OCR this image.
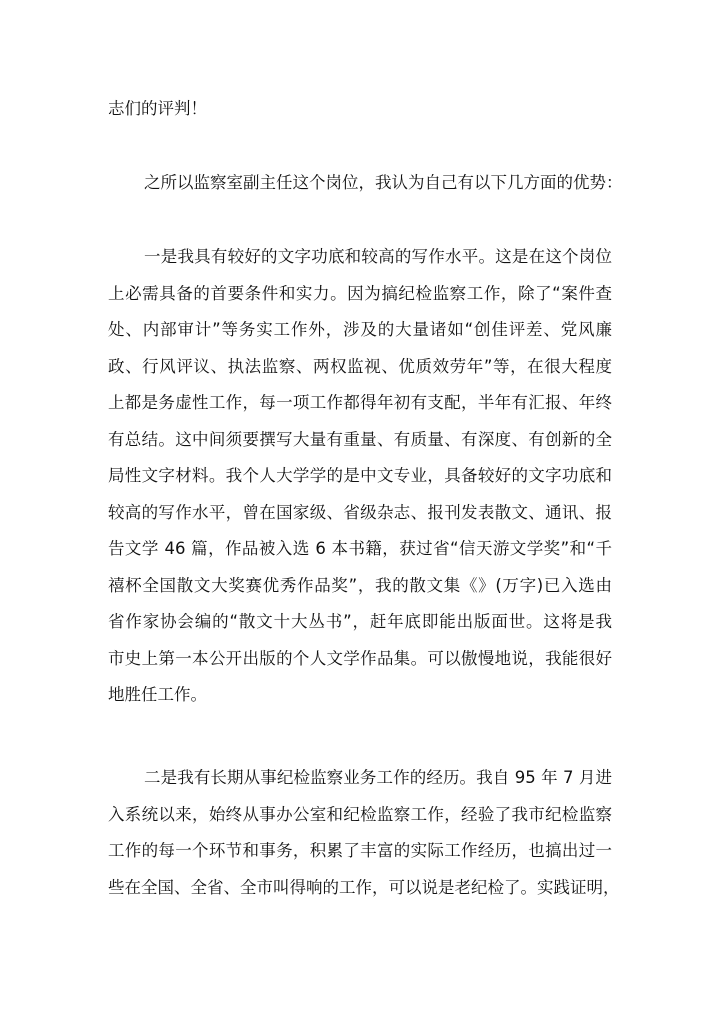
志们的评判！
之所以监察室副主任这个岗位，我认为自己有以下几方面的优势：
一是我具有较好的文字功底和较高的写作水平。这是在这个岗位
上必需具备的首要条件和实力。因为搞纪检监察工作，除了“案件查
处、内部审计”等务实工作外，涉及的大量诸如“创佳评差、党风廉
政、行风评议、执法监察、两权监视、优质效劳年”等，在很大程度
上都是务虚性工作，每一项工作都得年初有支配，半年有汇报、年终
有总结。这中间须要撰写大量有重量、有质量、有深度、有创新的全
局性文字材料。我个人大学学的是中文专业，具备较好的文字功底和
较高的写作水平，曾在国家级、省级杂志、报刊发表散文、通讯、报
告文学 46 篇，作品被入选 6 本书籍，获过省“信天游文学奖”和“千
禧杯全国散文大奖赛优秀作品奖”，我的散文集《》(万字)已入选由
省作家协会编的“散文十大丛书”，赶年底即能出版面世。这将是我
市史上第一本公开出版的个人文学作品集。可以傲慢地说，我能很好
地胜任工作。
二是我有长期从事纪检监察业务工作的经历。我自 95 年 7 月进
入系统以来，始终从事办公室和纪检监察工作，经验了我市纪检监察
工作的每一个环节和事务，积累了丰富的实际工作经历，也搞出过一
些在全国、全省、全市叫得响的工作，可以说是老纪检了。实践证明，
